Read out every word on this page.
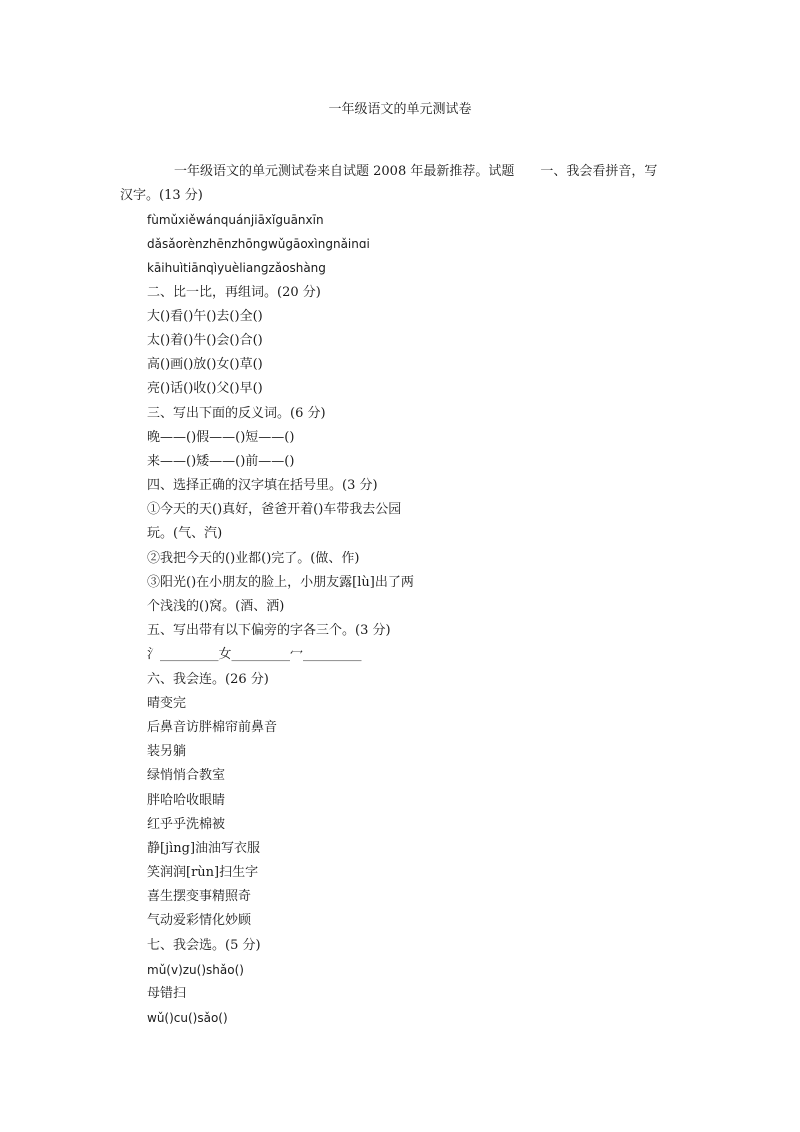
一年级语文的单元测试卷
一年级语文的单元测试卷来自试题 2008 年最新推荐。试题　　一、我会看拼音，写汉字。(13 分)
fùmǔxiěwánquánjiāxǐguānxīn
dǎsǎorènzhēnzhōngwǔgāoxìngnǎinɑi
kāihuìtiānqìyuèlianɡzǎoshàng
二、比一比，再组词。(20 分)
大()看()午()去()全()
太()着()牛()会()合()
高()画()放()女()草()
亮()话()收()父()早()
三、写出下面的反义词。(6 分)
晚——()假——()短——()
来——()矮——()前——()
四、选择正确的汉字填在括号里。(3 分)
①今天的天()真好，爸爸开着()车带我去公园
玩。(气、汽)
②我把今天的()业都()完了。(做、作)
③阳光()在小朋友的脸上，小朋友露[lù]出了两
个浅浅的()窝。(酒、洒)
五、写出带有以下偏旁的字各三个。(3 分)
氵_________女_________冖_________
六、我会连。(26 分)
晴变完
后鼻音访胖棉帘前鼻音
装另躺
绿悄悄合教室
胖哈哈收眼睛
红乎乎洗棉被
静[jìng]油油写衣服
笑润润[rùn]扫生字
喜生摆变事精照奇
气动爱彩情化妙顾
七、我会选。(5 分)
mǔ(v)zu()shǎo()
母错扫
wǔ()cu()sǎo()
